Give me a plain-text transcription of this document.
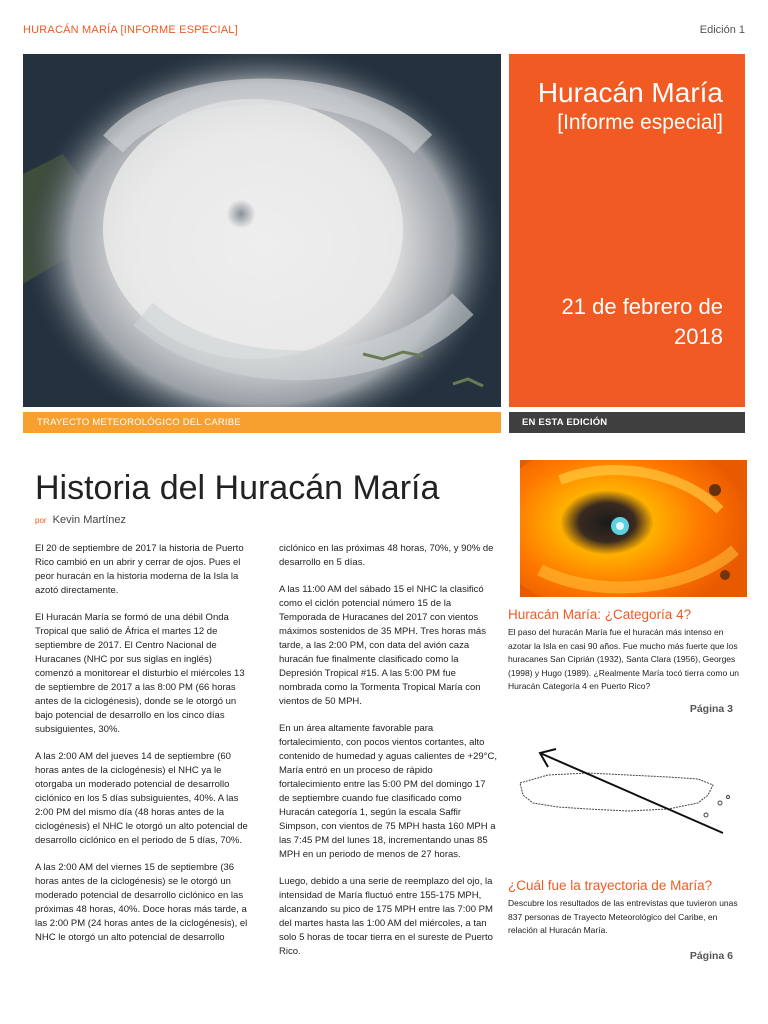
HURACÁN MARÍA [INFORME ESPECIAL]	Edición 1
Huracán María
[Informe especial]
21 de febrero de 2018
TRAYECTO METEOROLÓGICO DEL CARIBE	EN ESTA EDICIÓN
Historia del Huracán María
por Kevin Martínez

El 20 de septiembre de 2017 la historia de Puerto Rico cambió en un abrir y cerrar de ojos. Pues el peor huracán en la historia moderna de la Isla la azotó directamente.

El Huracán María se formó de una débil Onda Tropical que salió de África el martes 12 de septiembre de 2017. El Centro Nacional de Huracanes (NHC por sus siglas en inglés) comenzó a monitorear el disturbio el miércoles 13 de septiembre de 2017 a las 8:00 PM (66 horas antes de la ciclogénesis), donde se le otorgó un bajo potencial de desarrollo en los cinco días subsiguientes, 30%.

A las 2:00 AM del jueves 14 de septiembre (60 horas antes de la ciclogénesis) el NHC ya le otorgaba un moderado potencial de desarrollo ciclónico en los 5 días subsiguientes, 40%. A las 2:00 PM del mismo día (48 horas antes de la ciclogénesis) el NHC le otorgó un alto potencial de desarrollo ciclónico en el periodo de 5 días, 70%.

A las 2:00 AM del viernes 15 de septiembre (36 horas antes de la ciclogénesis) se le otorgó un moderado potencial de desarrollo ciclónico en las próximas 48 horas, 40%. Doce horas más tarde, a las 2:00 PM (24 horas antes de la ciclogénesis), el NHC le otorgó un alto potencial de desarrollo

ciclónico en las próximas 48 horas, 70%, y 90% de desarrollo en 5 días.

A las 11:00 AM del sábado 15 el NHC la clasificó como el ciclón potencial número 15 de la Temporada de Huracanes del 2017 con vientos máximos sostenidos de 35 MPH. Tres horas más tarde, a las 2:00 PM, con data del avión caza huracán fue finalmente clasificado como la Depresión Tropical #15. A las 5:00 PM fue nombrada como la Tormenta Tropical María con vientos de 50 MPH.

En un área altamente favorable para fortalecimiento, con pocos vientos cortantes, alto contenido de humedad y aguas calientes de +29°C, María entró en un proceso de rápido fortalecimiento entre las 5:00 PM del domingo 17 de septiembre cuando fue clasificado como Huracán categoría 1, según la escala Saffir Simpson, con vientos de 75 MPH hasta 160 MPH a las 7:45 PM del lunes 18, incrementando unas 85 MPH en un periodo de menos de 27 horas.

Luego, debido a una serie de reemplazo del ojo, la intensidad de María fluctuó entre 155-175 MPH, alcanzando su pico de 175 MPH entre las 7:00 PM del martes hasta las 1:00 AM del miércoles, a tan solo 5 horas de tocar tierra en el sureste de Puerto Rico.

Huracán María: ¿Categoría 4?
El paso del huracán María fue el huracán más intenso en azotar la Isla en casi 90 años. Fue mucho más fuerte que los huracanes San Ciprián (1932), Santa Clara (1956), Georges (1998) y Hugo (1989). ¿Realmente María tocó tierra como un Huracán Categoría 4 en Puerto Rico?
Página 3
¿Cuál fue la trayectoria de María?
Descubre los resultados de las entrevistas que tuvieron unas 837 personas de Trayecto Meteorológico del Caribe, en relación al Huracán María.
Página 6
